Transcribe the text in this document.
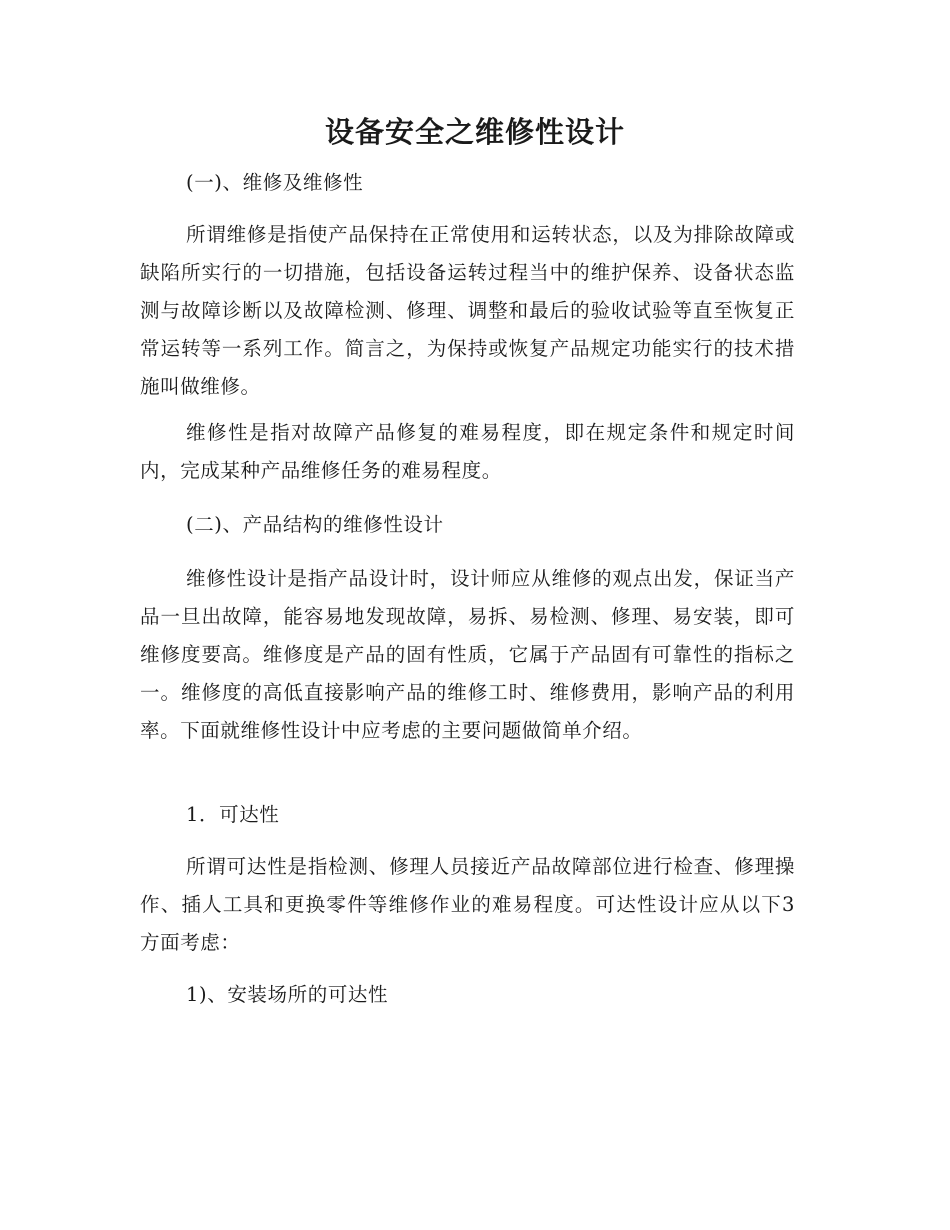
设备安全之维修性设计

(一)、维修及维修性

所谓维修是指使产品保持在正常使用和运转状态，以及为排除故障或缺陷所实行的一切措施，包括设备运转过程当中的维护保养、设备状态监测与故障诊断以及故障检测、修理、调整和最后的验收试验等直至恢复正常运转等一系列工作。简言之，为保持或恢复产品规定功能实行的技术措施叫做维修。

维修性是指对故障产品修复的难易程度，即在规定条件和规定时间内，完成某种产品维修任务的难易程度。

(二)、产品结构的维修性设计

维修性设计是指产品设计时，设计师应从维修的观点出发，保证当产品一旦出故障，能容易地发现故障，易拆、易检测、修理、易安装，即可维修度要高。维修度是产品的固有性质，它属于产品固有可靠性的指标之一。维修度的高低直接影响产品的维修工时、维修费用，影响产品的利用率。下面就维修性设计中应考虑的主要问题做简单介绍。

1．可达性

所谓可达性是指检测、修理人员接近产品故障部位进行检查、修理操作、插人工具和更换零件等维修作业的难易程度。可达性设计应从以下3方面考虑：

1)、安装场所的可达性
